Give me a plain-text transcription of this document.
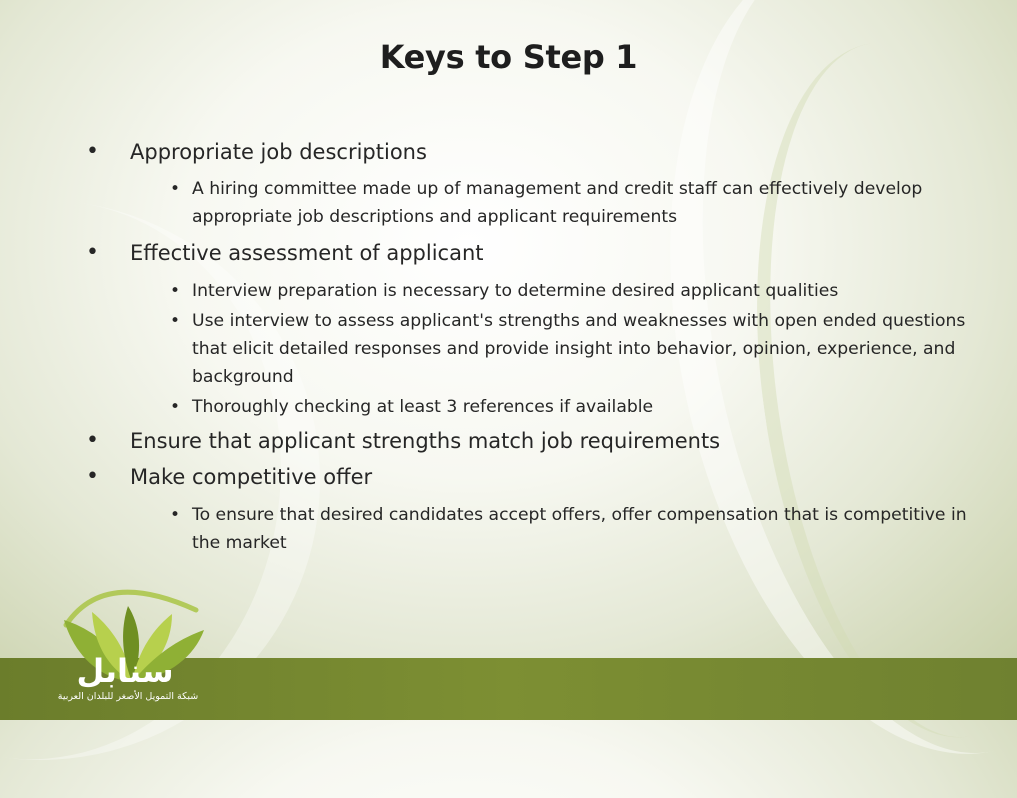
Keys to Step 1
• Appropriate job descriptions
• A hiring committee made up of management and credit staff can effectively develop appropriate job descriptions and applicant requirements
• Effective assessment of applicant
• Interview preparation is necessary to determine desired applicant qualities
• Use interview to assess applicant's strengths and weaknesses with open ended questions that elicit detailed responses and provide insight into behavior, opinion, experience, and background
• Thoroughly checking at least 3 references if available
• Ensure that applicant strengths match job requirements
• Make competitive offer
• To ensure that desired candidates accept offers, offer compensation that is competitive in the market
سنابل
شبكة التمويل الأصغر للبلدان العربية
